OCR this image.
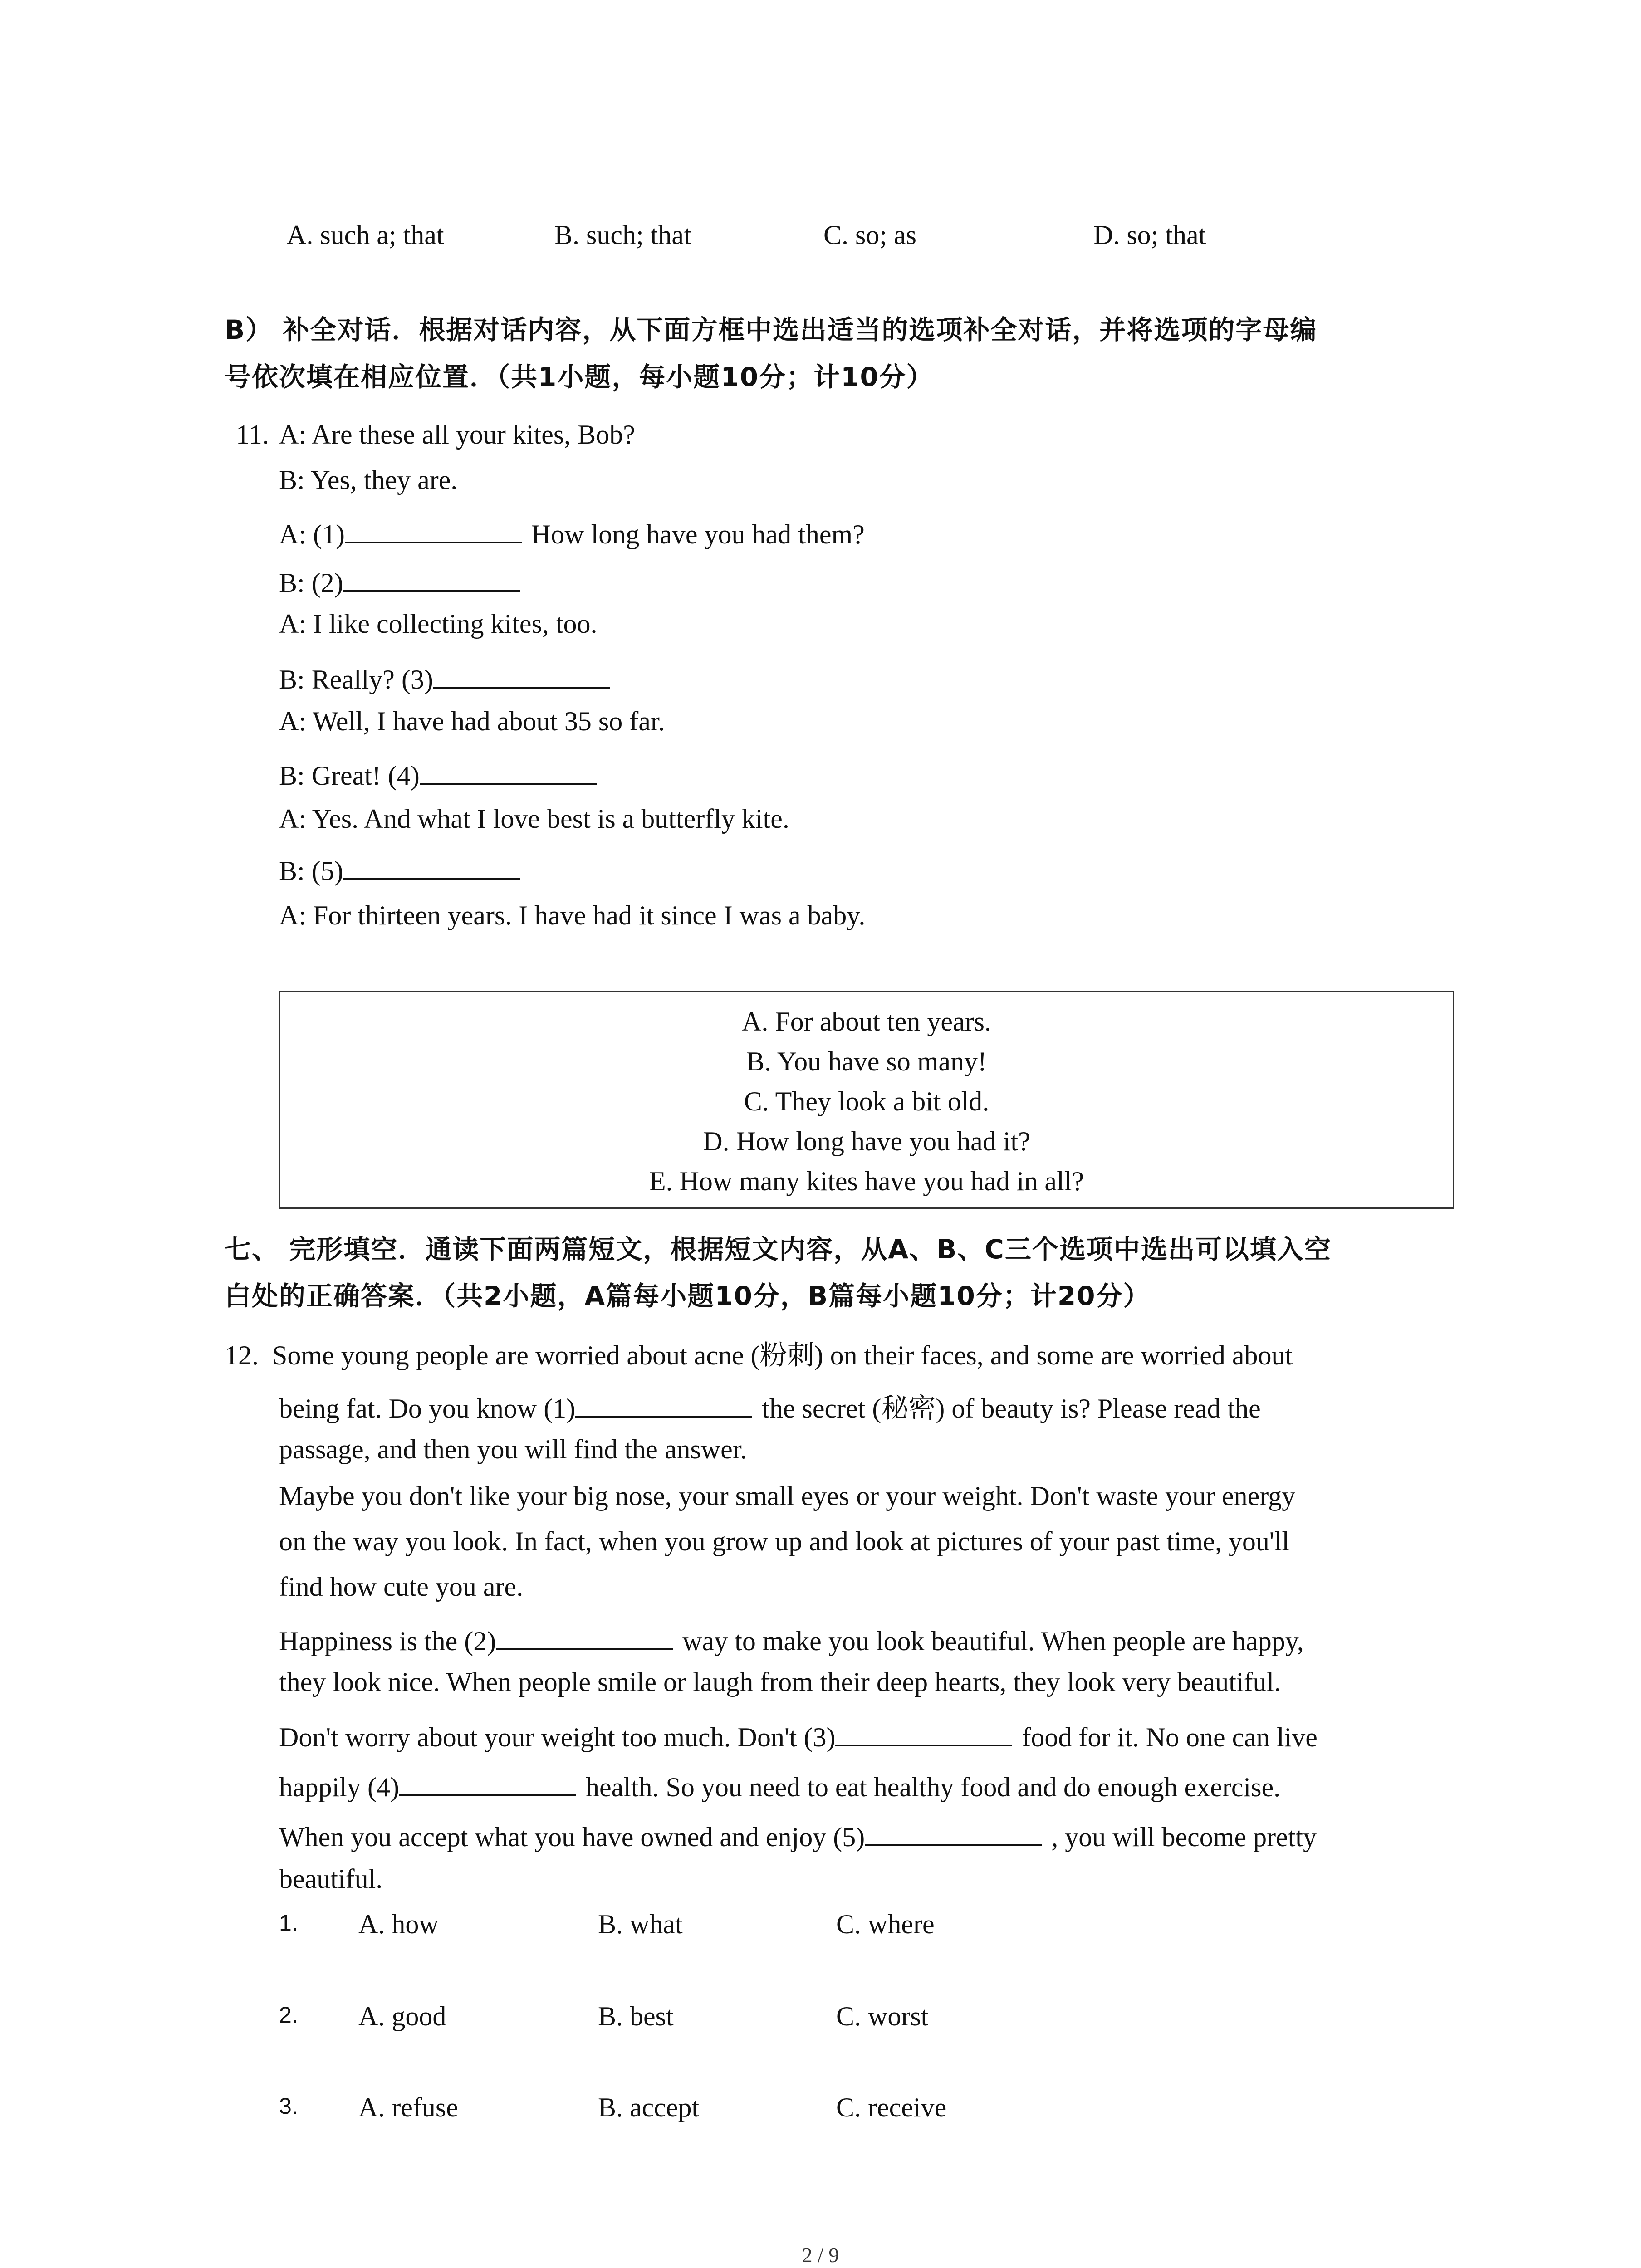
A. such a; that	B. such; that	C. so; as	D. so; that
B） 补全对话．根据对话内容，从下面方框中选出适当的选项补全对话，并将选项的字母编
号依次填在相应位置．（共1小题，每小题10分；计10分）
11. A: Are these all your kites, Bob?
B: Yes, they are.
A: (1)	How long have you had them?
B: (2)
A: I like collecting kites, too.
B: Really? (3)
A: Well, I have had about 35 so far.
B: Great! (4)
A: Yes. And what I love best is a butterfly kite.
B: (5)
A: For thirteen years. I have had it since I was a baby.
A. For about ten years.
B. You have so many!
C. They look a bit old.
D. How long have you had it?
E. How many kites have you had in all?
七、 完形填空．通读下面两篇短文，根据短文内容，从A、B、C三个选项中选出可以填入空
白处的正确答案．（共2小题，A篇每小题10分，B篇每小题10分；计20分）
12. Some young people are worried about acne (粉刺) on their faces, and some are worried about
being fat. Do you know (1)	the secret (秘密) of beauty is? Please read the
passage, and then you will find the answer.
Maybe you don't like your big nose, your small eyes or your weight. Don't waste your energy
on the way you look. In fact, when you grow up and look at pictures of your past time, you'll
find how cute you are.
Happiness is the (2)	way to make you look beautiful. When people are happy,
they look nice. When people smile or laugh from their deep hearts, they look very beautiful.
Don't worry about your weight too much. Don't (3)	food for it. No one can live
happily (4)	health. So you need to eat healthy food and do enough exercise.
When you accept what you have owned and enjoy (5)	, you will become pretty
beautiful.
1. A. how	B. what	C. where
2. A. good	B. best	C. worst
3. A. refuse	B. accept	C. receive
2 / 9
